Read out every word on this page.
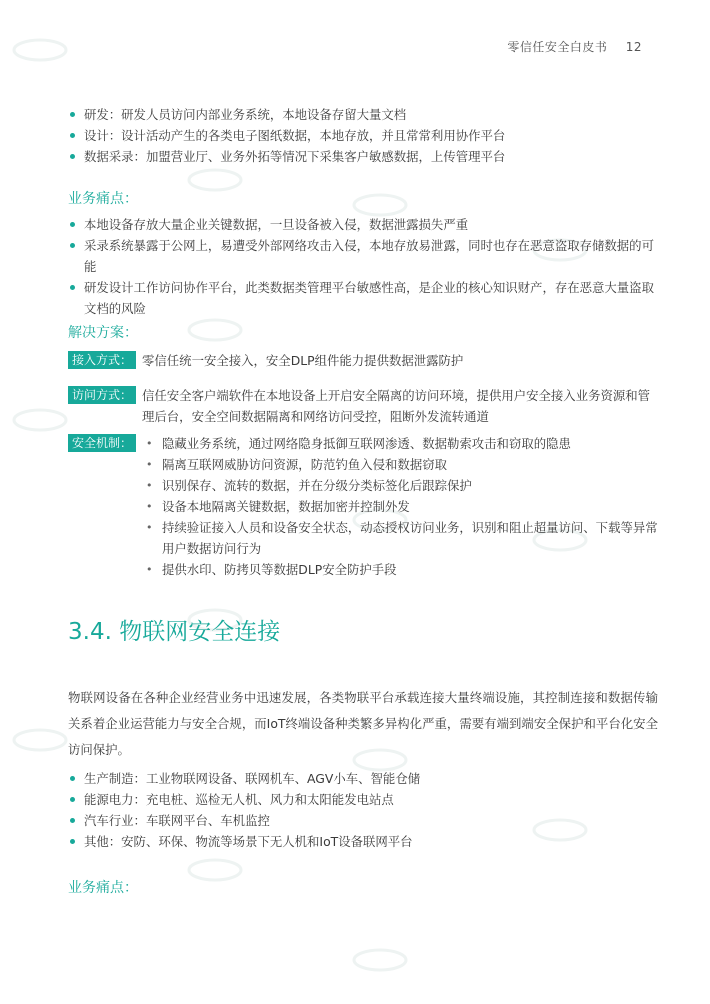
零信任安全白皮书 12
研发：研发人员访问内部业务系统，本地设备存留大量文档
设计：设计活动产生的各类电子图纸数据，本地存放，并且常常利用协作平台
数据采录：加盟营业厅、业务外拓等情况下采集客户敏感数据，上传管理平台
业务痛点：
本地设备存放大量企业关键数据，一旦设备被入侵，数据泄露损失严重
采录系统暴露于公网上，易遭受外部网络攻击入侵，本地存放易泄露，同时也存在恶意盗取存储数据的可能
研发设计工作访问协作平台，此类数据类管理平台敏感性高，是企业的核心知识财产，存在恶意大量盗取文档的风险
解决方案：
接入方式： 零信任统一安全接入，安全DLP组件能力提供数据泄露防护
访问方式： 信任安全客户端软件在本地设备上开启安全隔离的访问环境，提供用户安全接入业务资源和管理后台，安全空间数据隔离和网络访问受控，阻断外发流转通道
安全机制：
•	隐藏业务系统，通过网络隐身抵御互联网渗透、数据勒索攻击和窃取的隐患
• 隔离互联网威胁访问资源，防范钓鱼入侵和数据窃取
• 识别保存、流转的数据，并在分级分类标签化后跟踪保护
• 设备本地隔离关键数据，数据加密并控制外发
• 持续验证接入人员和设备安全状态，动态授权访问业务，识别和阻止超量访问、下载等异常用户数据访问行为
• 提供水印、防拷贝等数据DLP安全防护手段
3.4. 物联网安全连接
物联网设备在各种企业经营业务中迅速发展，各类物联平台承载连接大量终端设施，其控制连接和数据传输关系着企业运营能力与安全合规，而IoT终端设备种类繁多异构化严重，需要有端到端安全保护和平台化安全访问保护。
生产制造：工业物联网设备、联网机车、AGV小车、智能仓储
能源电力：充电桩、巡检无人机、风力和太阳能发电站点
汽车行业：车联网平台、车机监控
其他：安防、环保、物流等场景下无人机和IoT设备联网平台
业务痛点：
